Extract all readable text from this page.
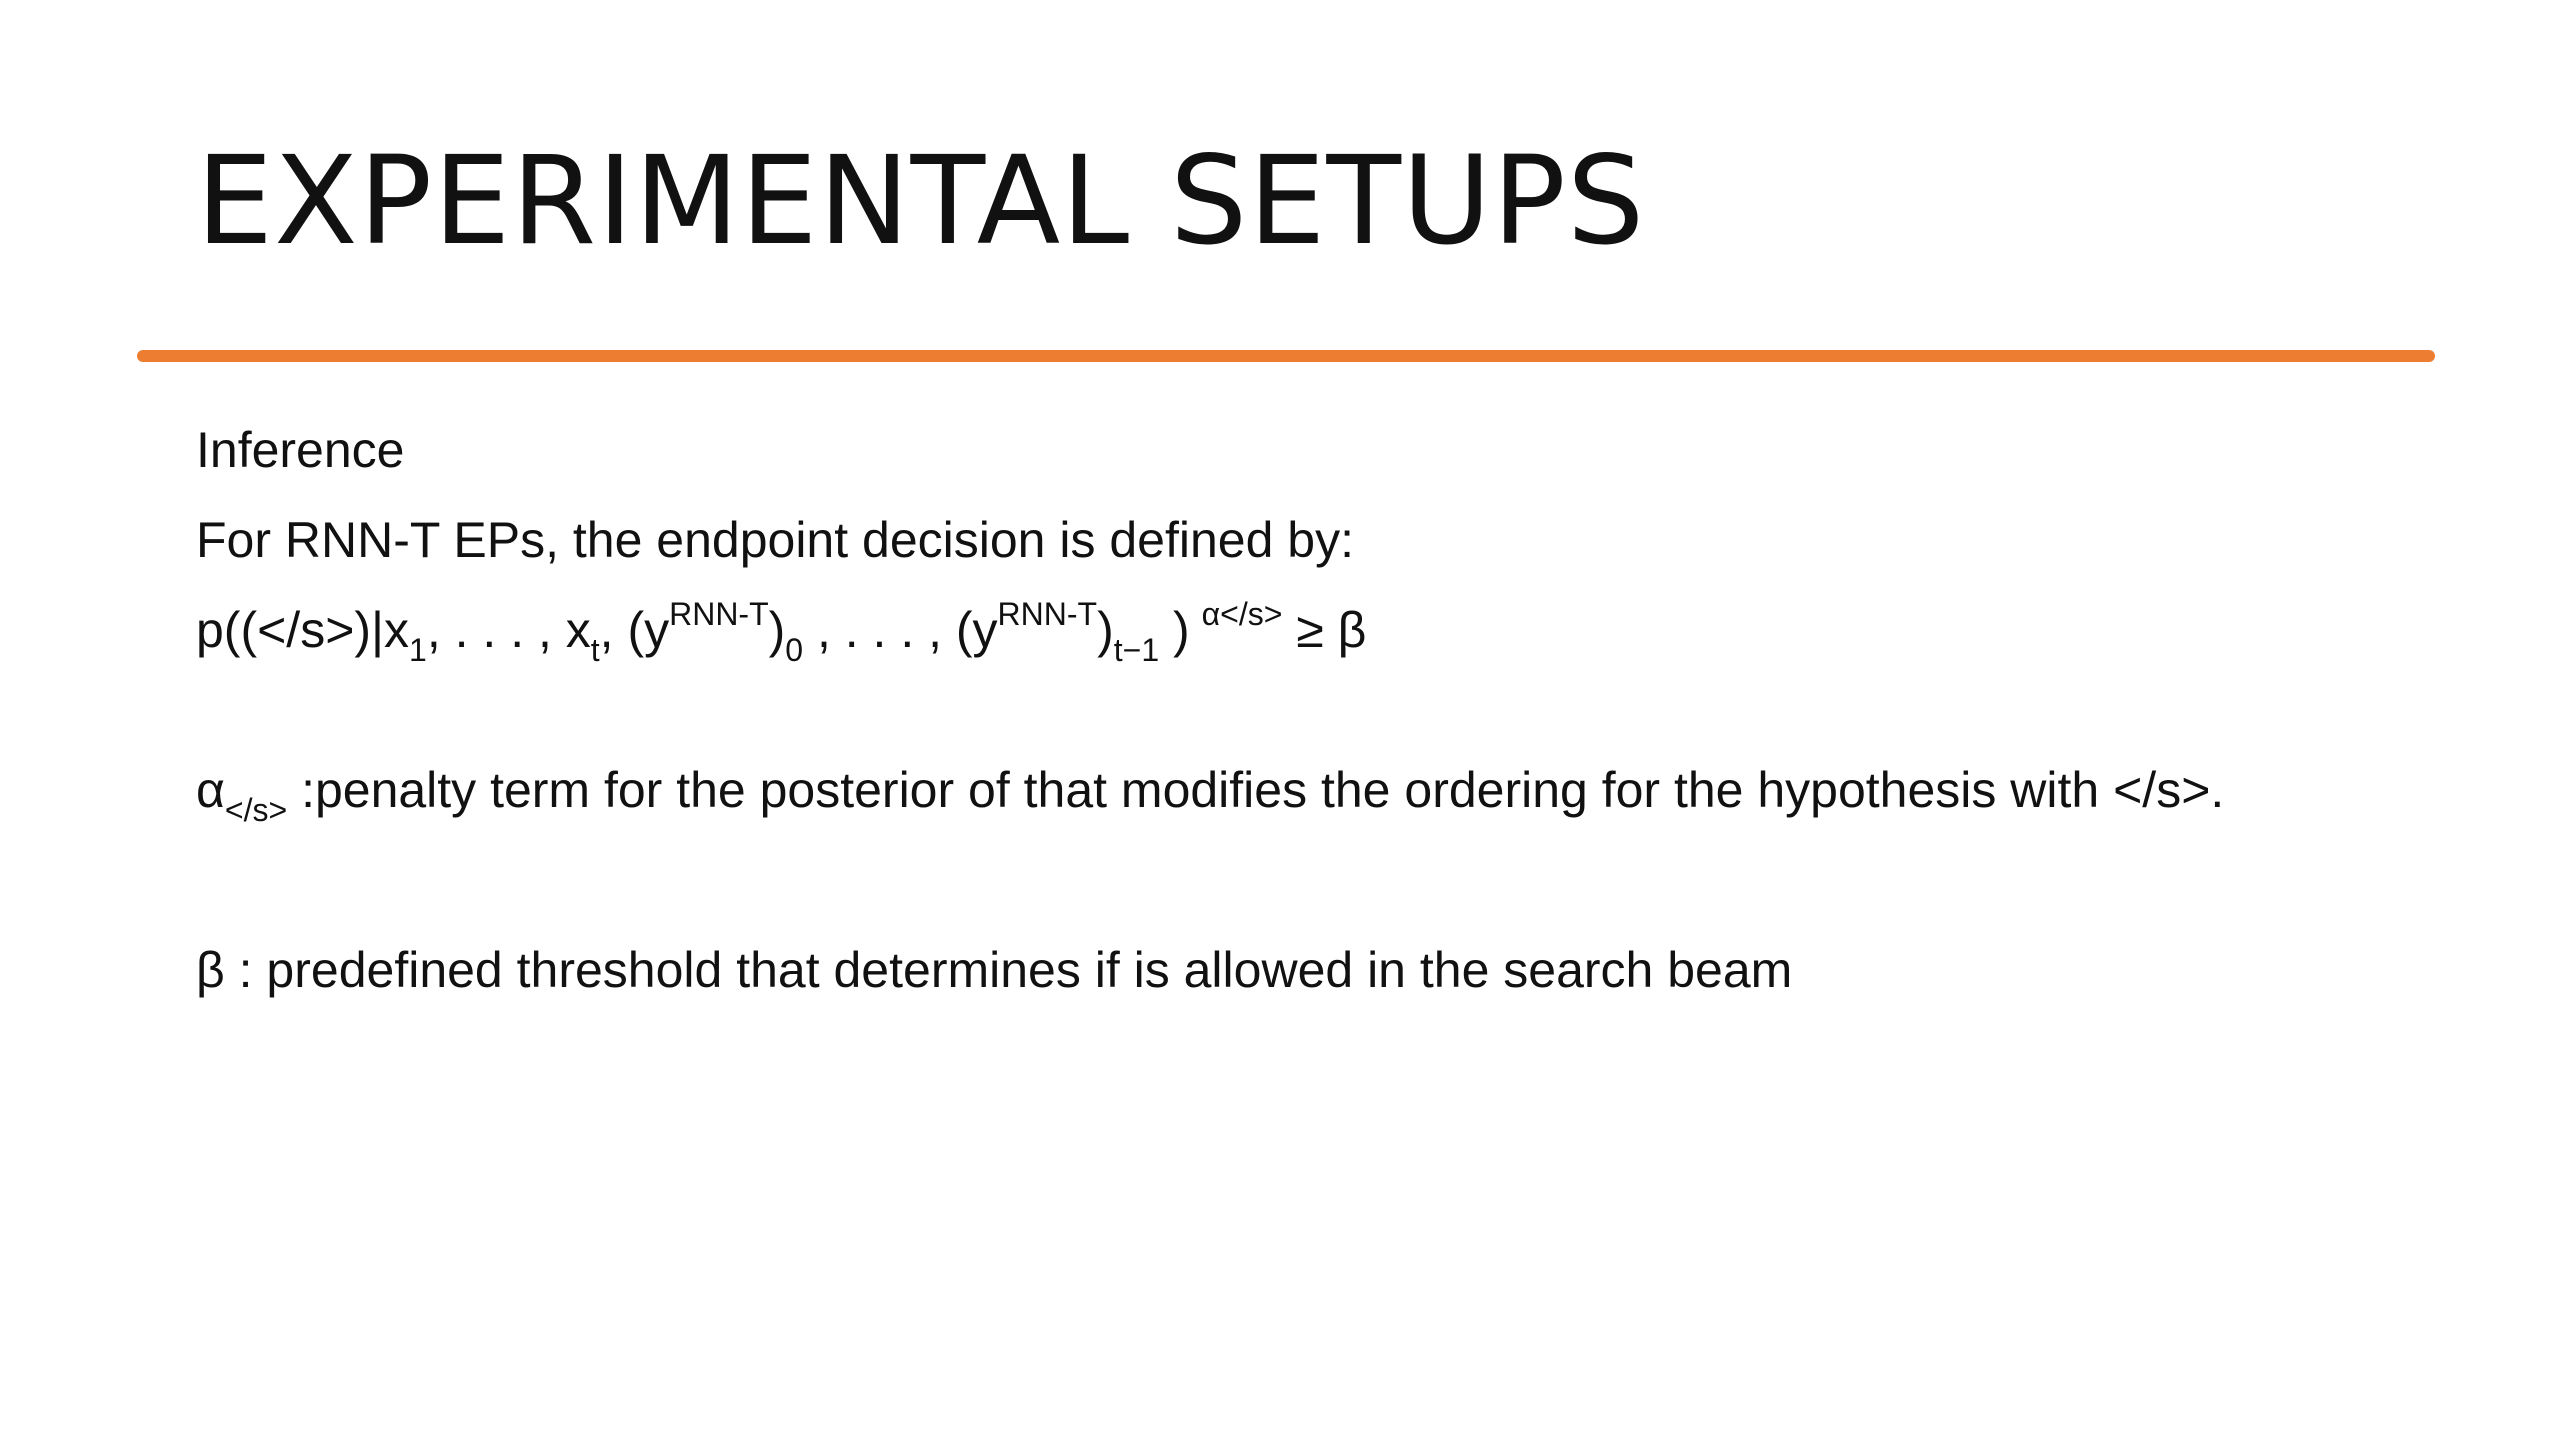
EXPERIMENTAL SETUPS
Inference
For RNN-T EPs, the endpoint decision is defined by:
$p((</s>)|x_1$, . . . , $x_t$, $(y^{RNN-T})_0$ , . . . , $(y^{RNN-T})_{t-1}$ ) $^{\alpha</s>}$ ≥ β
$\alpha_{</s>}$ :penalty term for the posterior of that modifies the ordering for the hypothesis with </s>.
β : predefined threshold that determines if is allowed in the search beam
